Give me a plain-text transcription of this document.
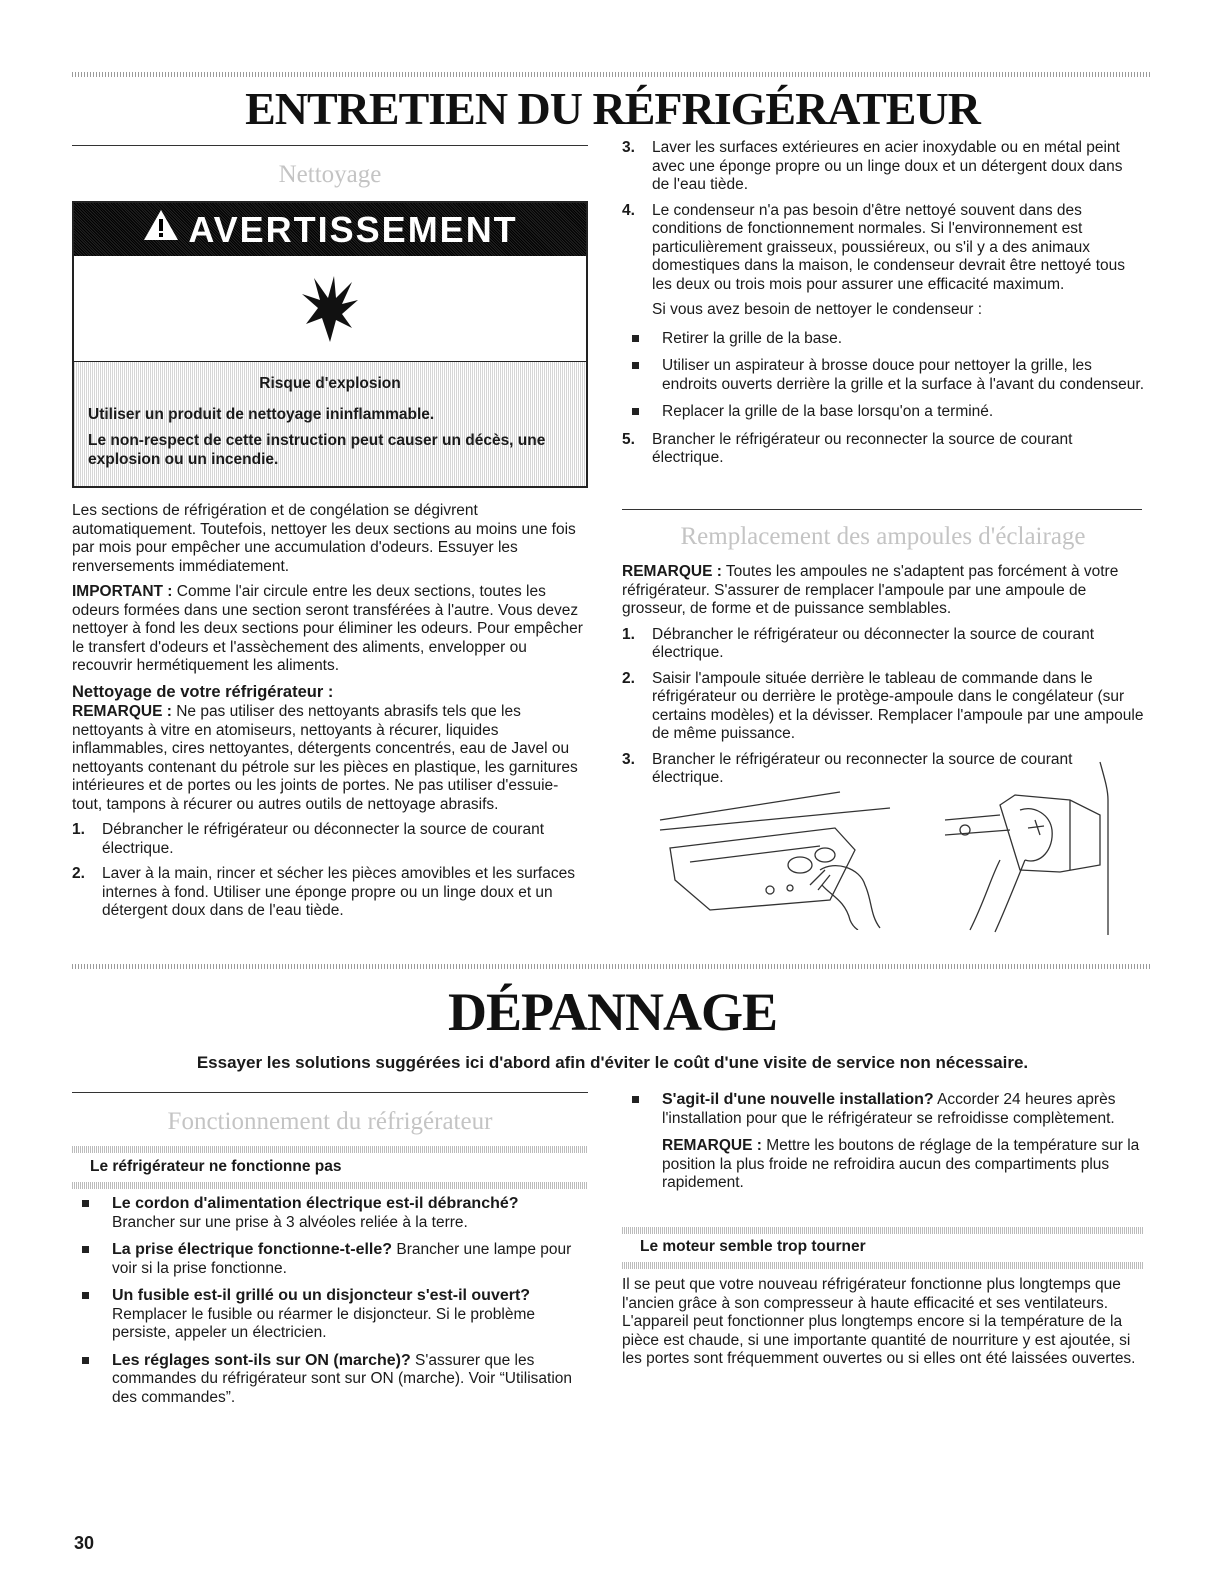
ENTRETIEN DU RÉFRIGÉRATEUR
Nettoyage
AVERTISSEMENT

Risque d'explosion

Utiliser un produit de nettoyage ininflammable.

Le non-respect de cette instruction peut causer un décès, une explosion ou un incendie.

Les sections de réfrigération et de congélation se dégivrent automatiquement. Toutefois, nettoyer les deux sections au moins une fois par mois pour empêcher une accumulation d'odeurs. Essuyer les renversements immédiatement.

IMPORTANT : Comme l'air circule entre les deux sections, toutes les odeurs formées dans une section seront transférées à l'autre. Vous devez nettoyer à fond les deux sections pour éliminer les odeurs. Pour empêcher le transfert d'odeurs et l'assèchement des aliments, envelopper ou recouvrir hermétiquement les aliments.

Nettoyage de votre réfrigérateur :

REMARQUE : Ne pas utiliser des nettoyants abrasifs tels que les nettoyants à vitre en atomiseurs, nettoyants à récurer, liquides inflammables, cires nettoyantes, détergents concentrés, eau de Javel ou nettoyants contenant du pétrole sur les pièces en plastique, les garnitures intérieures et de portes ou les joints de portes. Ne pas utiliser d'essuie-tout, tampons à récurer ou autres outils de nettoyage abrasifs.

1. Débrancher le réfrigérateur ou déconnecter la source de courant électrique.
2. Laver à la main, rincer et sécher les pièces amovibles et les surfaces internes à fond. Utiliser une éponge propre ou un linge doux et un détergent doux dans de l'eau tiède.
3. Laver les surfaces extérieures en acier inoxydable ou en métal peint avec une éponge propre ou un linge doux et un détergent doux dans de l'eau tiède.
4. Le condenseur n'a pas besoin d'être nettoyé souvent dans des conditions de fonctionnement normales. Si l'environnement est particulièrement graisseux, poussiéreux, ou s'il y a des animaux domestiques dans la maison, le condenseur devrait être nettoyé tous les deux ou trois mois pour assurer une efficacité maximum.

Si vous avez besoin de nettoyer le condenseur :

Retirer la grille de la base.
Utiliser un aspirateur à brosse douce pour nettoyer la grille, les endroits ouverts derrière la grille et la surface à l'avant du condenseur.
Replacer la grille de la base lorsqu'on a terminé.
5. Brancher le réfrigérateur ou reconnecter la source de courant électrique.
Remplacement des ampoules d'éclairage

REMARQUE : Toutes les ampoules ne s'adaptent pas forcément à votre réfrigérateur. S'assurer de remplacer l'ampoule par une ampoule de grosseur, de forme et de puissance semblables.

1. Débrancher le réfrigérateur ou déconnecter la source de courant électrique.
2. Saisir l'ampoule située derrière le tableau de commande dans le réfrigérateur ou derrière le protège-ampoule dans le congélateur (sur certains modèles) et la dévisser. Remplacer l'ampoule par une ampoule de même puissance.
3. Brancher le réfrigérateur ou reconnecter la source de courant électrique.
DÉPANNAGE
Essayer les solutions suggérées ici d'abord afin d'éviter le coût d'une visite de service non nécessaire.
Fonctionnement du réfrigérateur
Le réfrigérateur ne fonctionne pas
Le cordon d'alimentation électrique est-il débranché?
Brancher sur une prise à 3 alvéoles reliée à la terre.
La prise électrique fonctionne-t-elle? Brancher une lampe pour voir si la prise fonctionne.
Un fusible est-il grillé ou un disjoncteur s'est-il ouvert?
Remplacer le fusible ou réarmer le disjoncteur. Si le problème persiste, appeler un électricien.
Les réglages sont-ils sur ON (marche)? S'assurer que les commandes du réfrigérateur sont sur ON (marche). Voir “Utilisation des commandes”.
S'agit-il d'une nouvelle installation? Accorder 24 heures après l'installation pour que le réfrigérateur se refroidisse complètement.

REMARQUE : Mettre les boutons de réglage de la température sur la position la plus froide ne refroidira aucun des compartiments plus rapidement.

Le moteur semble trop tourner

Il se peut que votre nouveau réfrigérateur fonctionne plus longtemps que l'ancien grâce à son compresseur à haute efficacité et ses ventilateurs. L'appareil peut fonctionner plus longtemps encore si la température de la pièce est chaude, si une importante quantité de nourriture y est ajoutée, si les portes sont fréquemment ouvertes ou si elles ont été laissées ouvertes.

30
